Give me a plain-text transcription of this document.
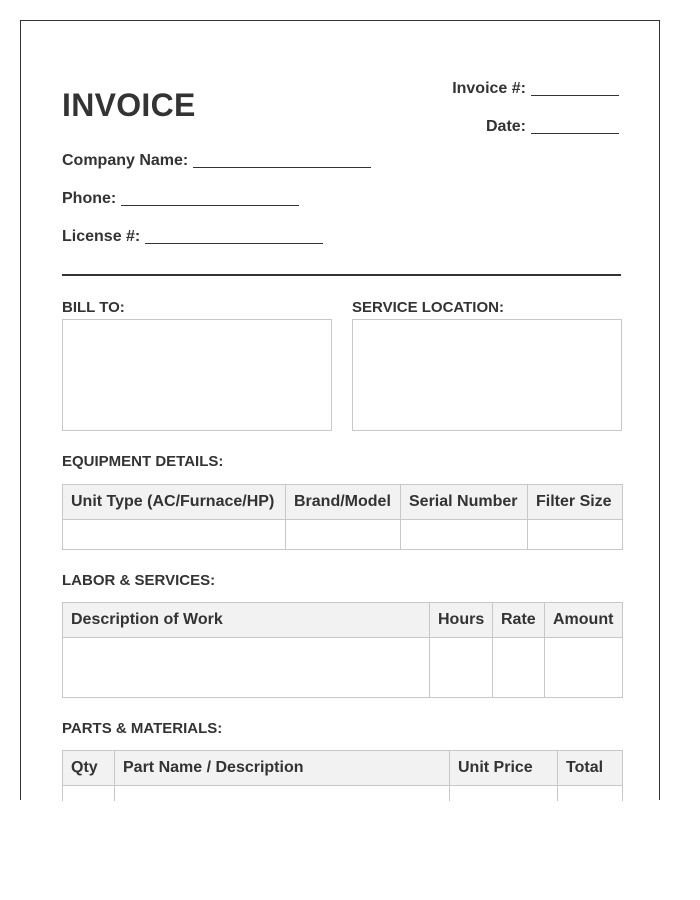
INVOICE	Invoice #:
Date:
Company Name:
Phone:
License #:
BILL TO:	SERVICE LOCATION:
EQUIPMENT DETAILS:
Unit Type (AC/Furnace/HP)	Brand/Model	Serial Number	Filter Size

LABOR & SERVICES:
Description of Work	Hours	Rate	Amount

PARTS & MATERIALS:
Qty	Part Name / Description	Unit Price	Total
